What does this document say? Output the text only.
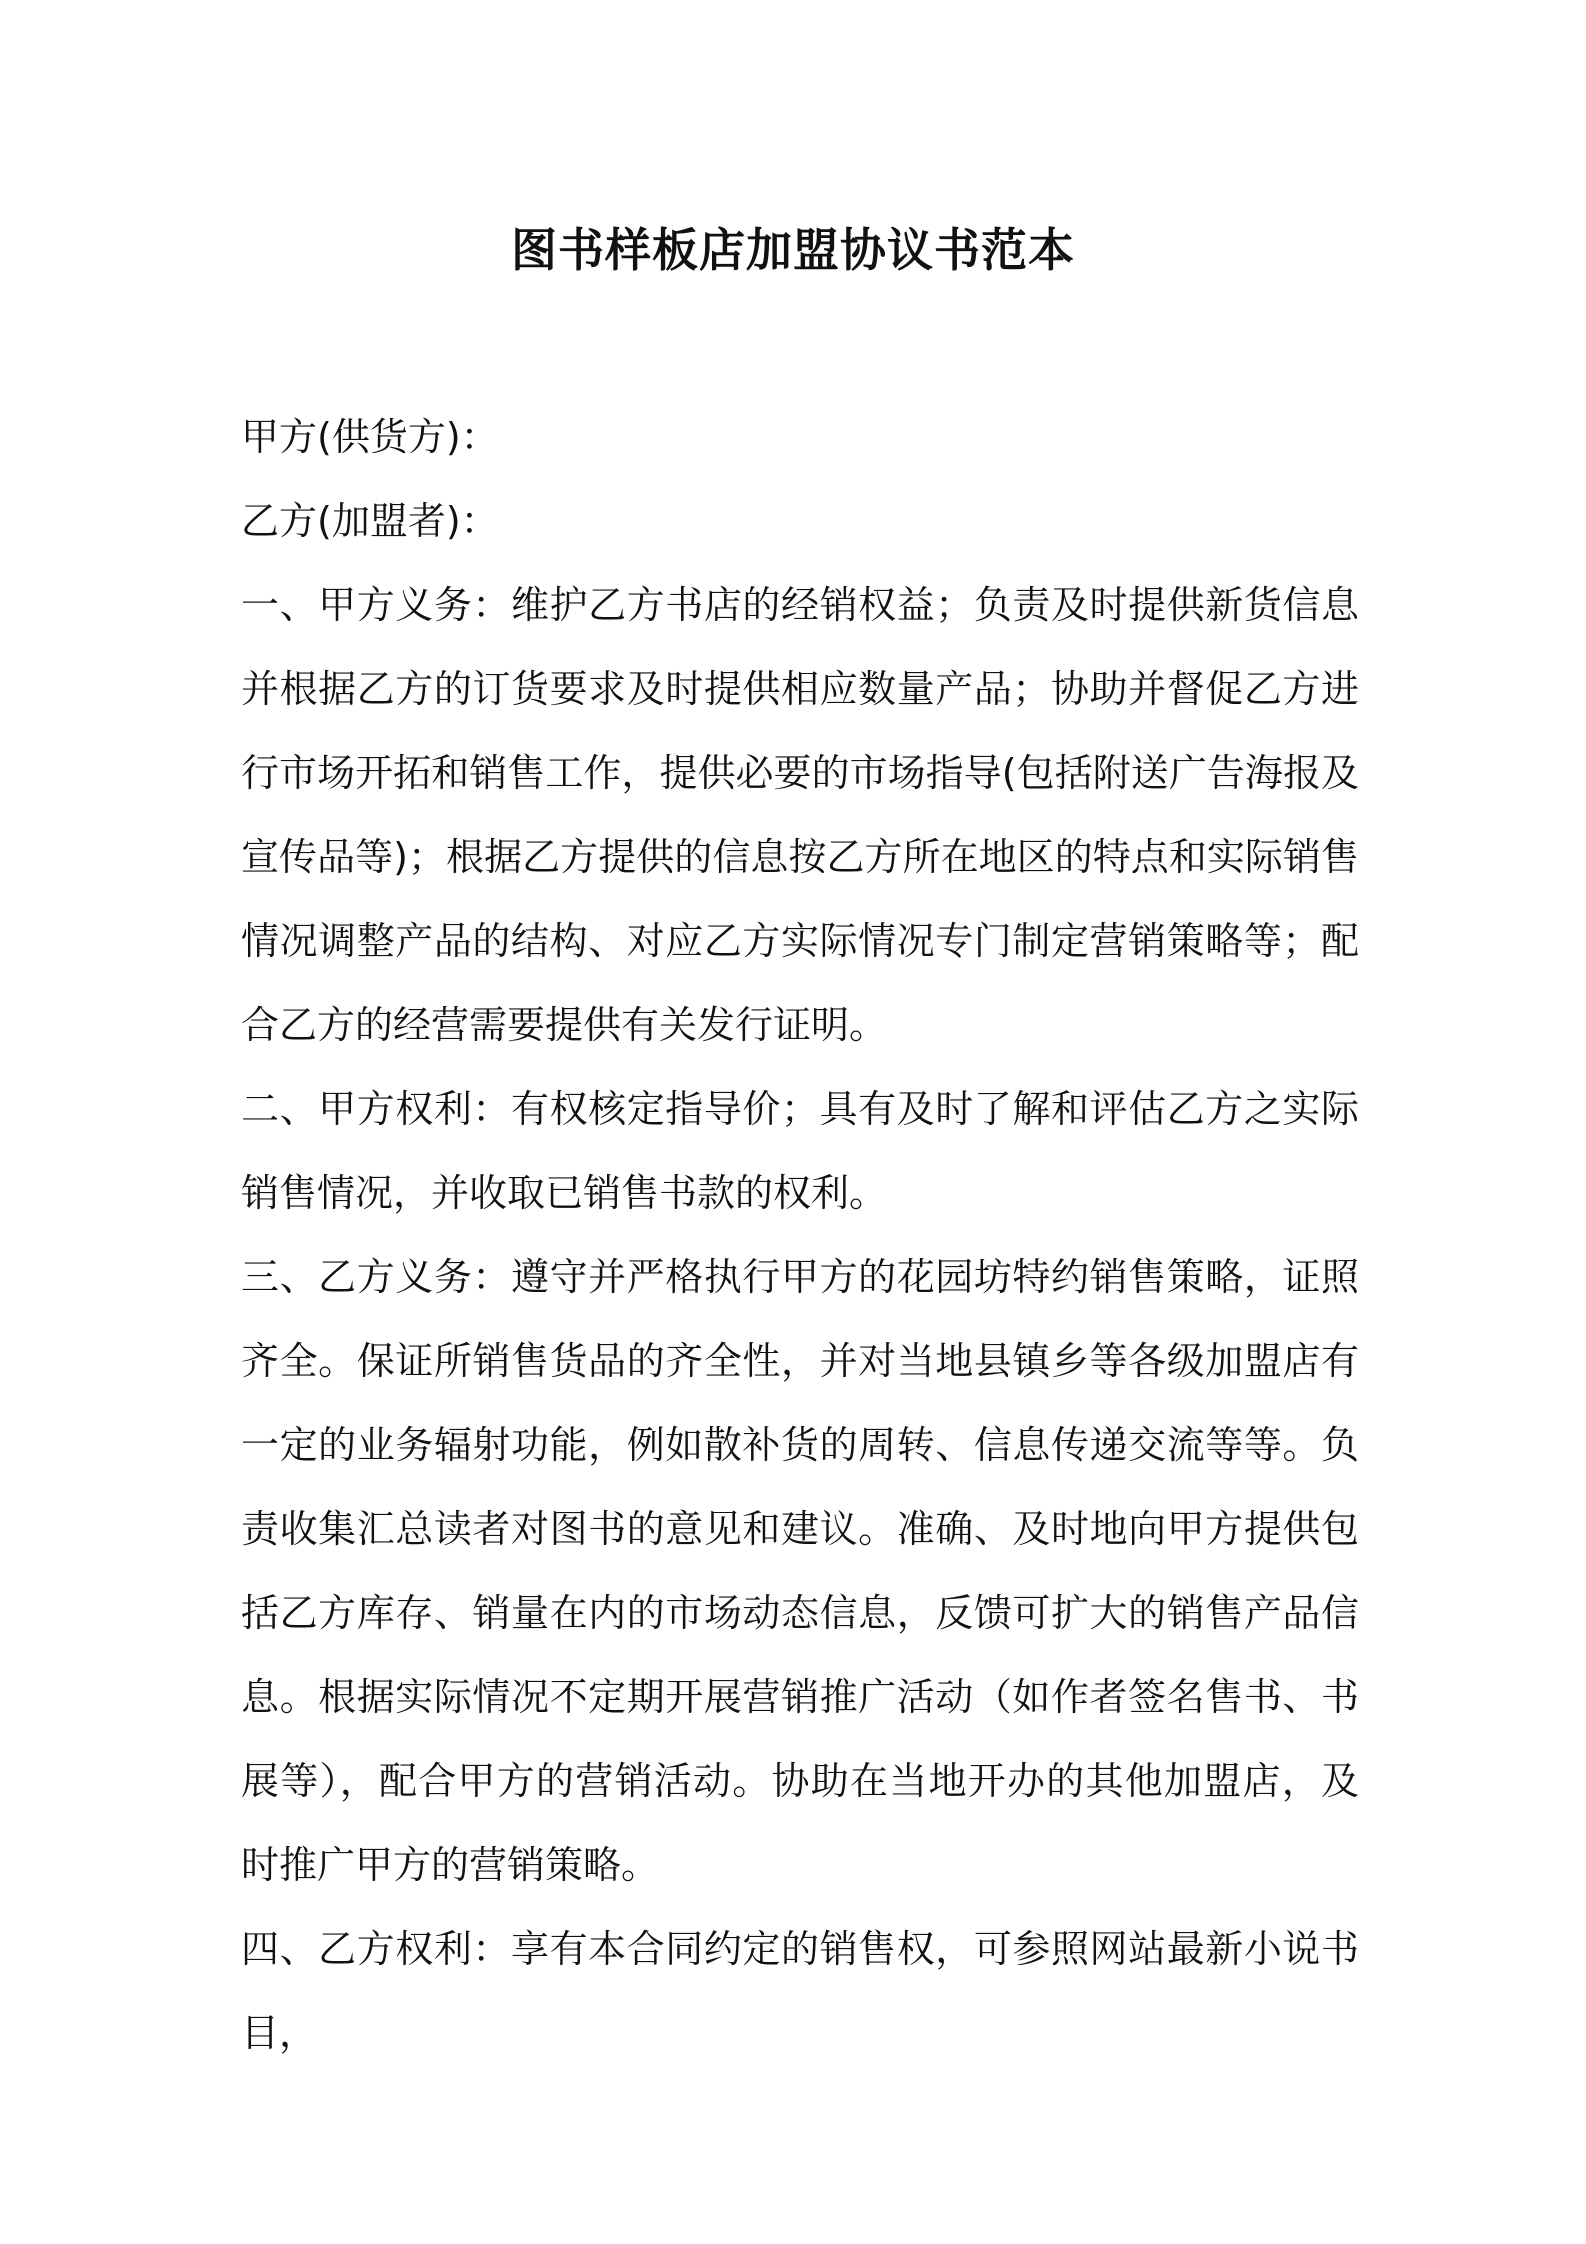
图书样板店加盟协议书范本

甲方(供货方)：

乙方(加盟者)：

一、甲方义务：维护乙方书店的经销权益；负责及时提供新货信息并根据乙方的订货要求及时提供相应数量产品；协助并督促乙方进行市场开拓和销售工作，提供必要的市场指导(包括附送广告海报及宣传品等)；根据乙方提供的信息按乙方所在地区的特点和实际销售情况调整产品的结构、对应乙方实际情况专门制定营销策略等；配合乙方的经营需要提供有关发行证明。

二、甲方权利：有权核定指导价；具有及时了解和评估乙方之实际销售情况，并收取已销售书款的权利。

三、乙方义务：遵守并严格执行甲方的花园坊特约销售策略，证照齐全。保证所销售货品的齐全性，并对当地县镇乡等各级加盟店有一定的业务辐射功能，例如散补货的周转、信息传递交流等等。负责收集汇总读者对图书的意见和建议。准确、及时地向甲方提供包括乙方库存、销量在内的市场动态信息，反馈可扩大的销售产品信息。根据实际情况不定期开展营销推广活动（如作者签名售书、书展等），配合甲方的营销活动。协助在当地开办的其他加盟店，及时推广甲方的营销策略。

四、乙方权利：享有本合同约定的销售权，可参照网站最新小说书目，
